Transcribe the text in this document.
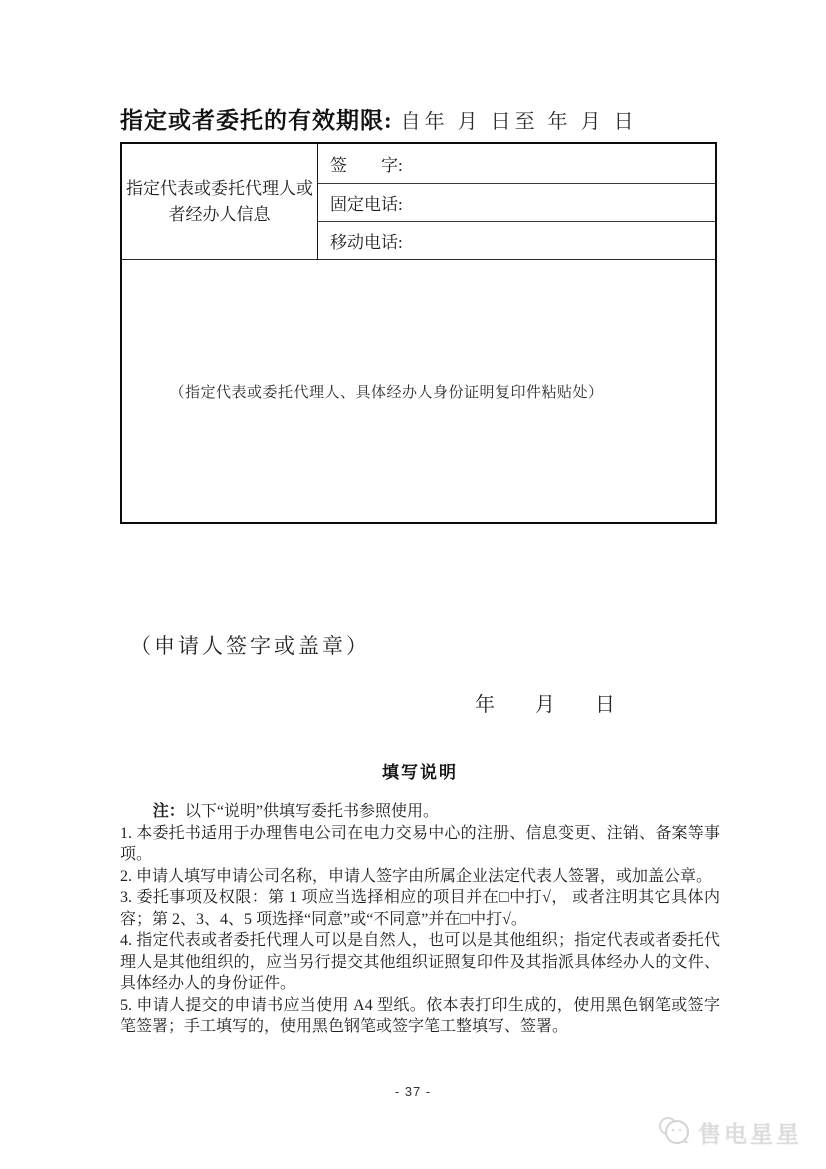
指定或者委托的有效期限: 自年 月 日至 年 月 日
指定代表或委托代理人或者经办人信息
签　　字:
固定电话:
移动电话:
（指定代表或委托代理人、具体经办人身份证明复印件粘贴处）
（申请人签字或盖章）
年　　月　　日

填写说明

注：以下“说明”供填写委托书参照使用。

1. 本委托书适用于办理售电公司在电力交易中心的注册、信息变更、注销、备案等事项。

2. 申请人填写申请公司名称，申请人签字由所属企业法定代表人签署，或加盖公章。

3. 委托事项及权限：第 1 项应当选择相应的项目并在□中打√， 或者注明其它具体内容；第 2、3、4、5 项选择“同意”或“不同意”并在□中打√。

4. 指定代表或者委托代理人可以是自然人，也可以是其他组织；指定代表或者委托代理人是其他组织的，应当另行提交其他组织证照复印件及其指派具体经办人的文件、具体经办人的身份证件。

5. 申请人提交的申请书应当使用 A4 型纸。依本表打印生成的，使用黑色钢笔或签字笔签署；手工填写的，使用黑色钢笔或签字笔工整填写、签署。

- 37 -
售电星星
